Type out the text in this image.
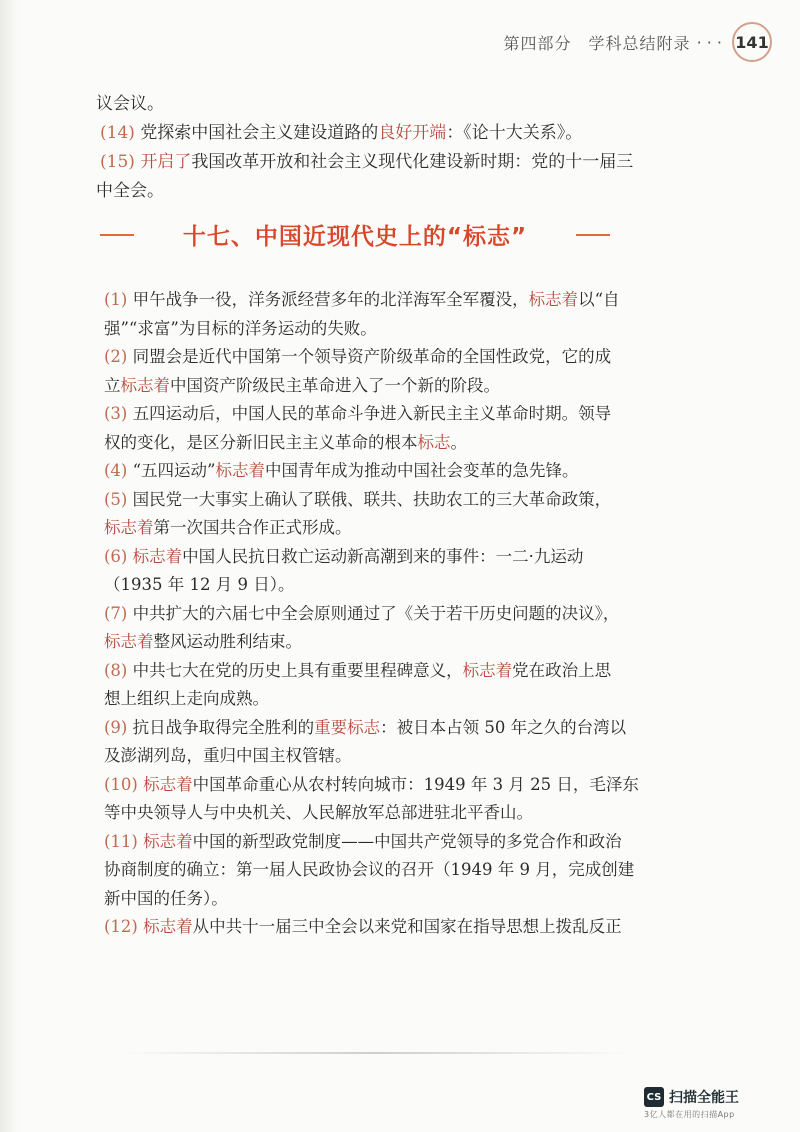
第四部分　学科总结附录 · · · 141
议会议。
(14) 党探索中国社会主义建设道路的良好开端：《论十大关系》。
(15) 开启了我国改革开放和社会主义现代化建设新时期：党的十一届三
中全会。
十七、中国近现代史上的“标志”
(1) 甲午战争一役，洋务派经营多年的北洋海军全军覆没，标志着以“自
强”“求富”为目标的洋务运动的失败。
(2) 同盟会是近代中国第一个领导资产阶级革命的全国性政党，它的成
立标志着中国资产阶级民主革命进入了一个新的阶段。
(3) 五四运动后，中国人民的革命斗争进入新民主主义革命时期。领导
权的变化，是区分新旧民主主义革命的根本标志。
(4) “五四运动”标志着中国青年成为推动中国社会变革的急先锋。
(5) 国民党一大事实上确认了联俄、联共、扶助农工的三大革命政策，
标志着第一次国共合作正式形成。
(6) 标志着中国人民抗日救亡运动新高潮到来的事件：一二·九运动
（1935 年 12 月 9 日）。
(7) 中共扩大的六届七中全会原则通过了《关于若干历史问题的决议》，
标志着整风运动胜利结束。
(8) 中共七大在党的历史上具有重要里程碑意义，标志着党在政治上思
想上组织上走向成熟。
(9) 抗日战争取得完全胜利的重要标志：被日本占领 50 年之久的台湾以
及澎湖列岛，重归中国主权管辖。
(10) 标志着中国革命重心从农村转向城市：1949 年 3 月 25 日，毛泽东
等中央领导人与中央机关、人民解放军总部进驻北平香山。
(11) 标志着中国的新型政党制度——中国共产党领导的多党合作和政治
协商制度的确立：第一届人民政协会议的召开（1949 年 9 月，完成创建
新中国的任务）。
(12) 标志着从中共十一届三中全会以来党和国家在指导思想上拨乱反正
CS 扫描全能王
3亿人都在用的扫描App
